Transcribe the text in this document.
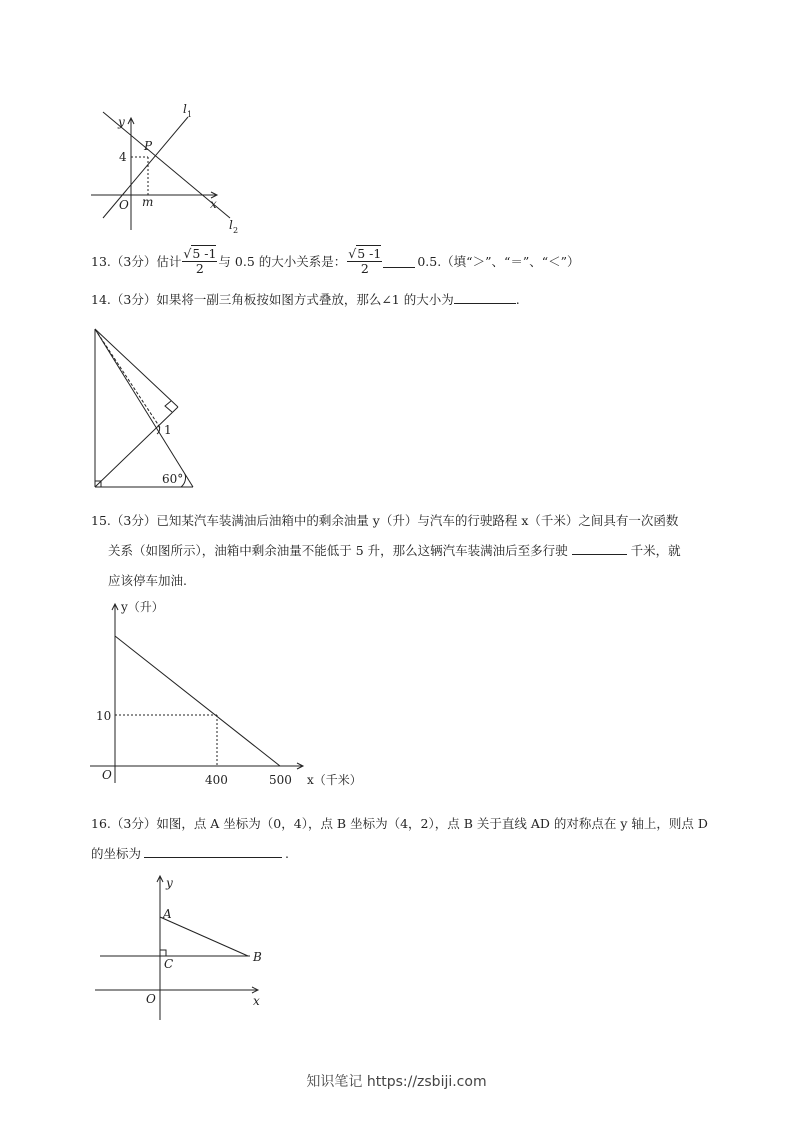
y
x
P
m
O
l 1
l 2
4
13.（3分）估计 $\frac{√5 -1}{2}$ 与 0.5 的大小关系是： $\frac{√5 -1}{2}$	0.5.（填“＞”、“＝”、“＜”）
14.（3分）如果将一副三角板按如图方式叠放，那么∠1 的大小为	.
1
60°
15.（3分）已知某汽车装满油后油箱中的剩余油量 y（升）与汽车的行驶路程 x（千米）之间具有一次函数
关系（如图所示），油箱中剩余油量不能低于 5 升，那么这辆汽车装满油后至多行驶	千米，就
应该停车加油.
y（升）
x（千米）
O
10
400	500
16.（3分）如图，点 A 坐标为（0，4），点 B 坐标为（4，2），点 B 关于直线 AD 的对称点在 y 轴上，则点 D
的坐标为	.
y
x
O
A
B
C
知识笔记 https://zsbiji.com
